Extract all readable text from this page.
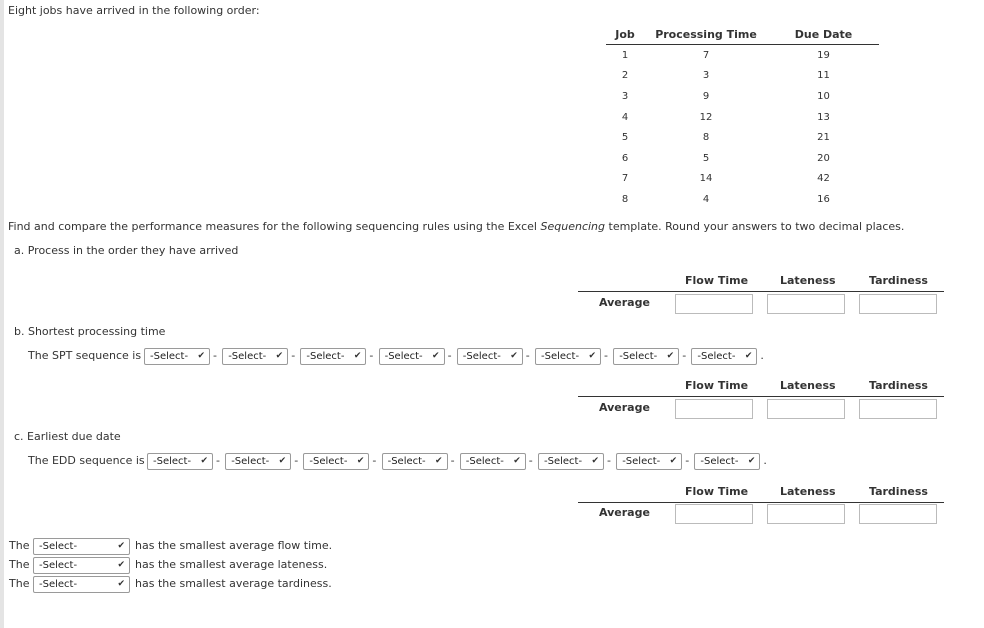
Eight jobs have arrived in the following order:
Job	Processing Time	Due Date
1	7	19
2	3	11
3	9	10
4	12	13
5	8	21
6	5	20
7	14	42
8	4	16
Find and compare the performance measures for the following sequencing rules using the Excel Sequencing template. Round your answers to two decimal places.
a. Process in the order they have arrived
Flow Time	Lateness	Tardiness
Average
b. Shortest processing time
The SPT sequence is -Select- ✔ -	-Select- ✔ -	-Select- ✔ -	-Select- ✔ -	-Select- ✔ -	-Select- ✔ -	-Select- ✔ -	-Select- ✔ .
Flow Time	Lateness	Tardiness
Average
c. Earliest due date
The EDD sequence is -Select- ✔ -	-Select- ✔ -	-Select- ✔ -	-Select- ✔ -	-Select- ✔ -	-Select- ✔ -	-Select- ✔ -	-Select- ✔ .
Flow Time	Lateness	Tardiness
Average
The -Select-	✔ has the smallest average flow time.
The -Select-	✔ has the smallest average lateness.
The -Select-	✔ has the smallest average tardiness.
